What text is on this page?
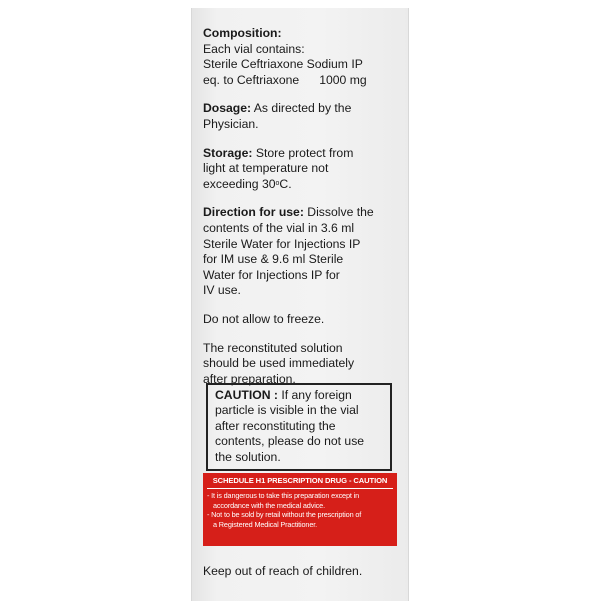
Composition:
Each vial contains:
Sterile Ceftriaxone Sodium IP
eq. to Ceftriaxone 1000 mg
Dosage: As directed by the
Physician.
Storage: Store protect from
light at temperature not
exceeding 30$^o$C.
Direction for use: Dissolve the
contents of the vial in 3.6 ml
Sterile Water for Injections IP
for IM use & 9.6 ml Sterile
Water for Injections IP for
IV use.
Do not allow to freeze.
The reconstituted solution
should be used immediately
after preparation.
CAUTION : If any foreign
particle is visible in the vial
after reconstituting the
contents, please do not use
the solution.
SCHEDULE H1 PRESCRIPTION DRUG - CAUTION
- It is dangerous to take this preparation except in
accordance with the medical advice.
- Not to be sold by retail without the prescription of
a Registered Medical Practitioner.
Keep out of reach of children.
